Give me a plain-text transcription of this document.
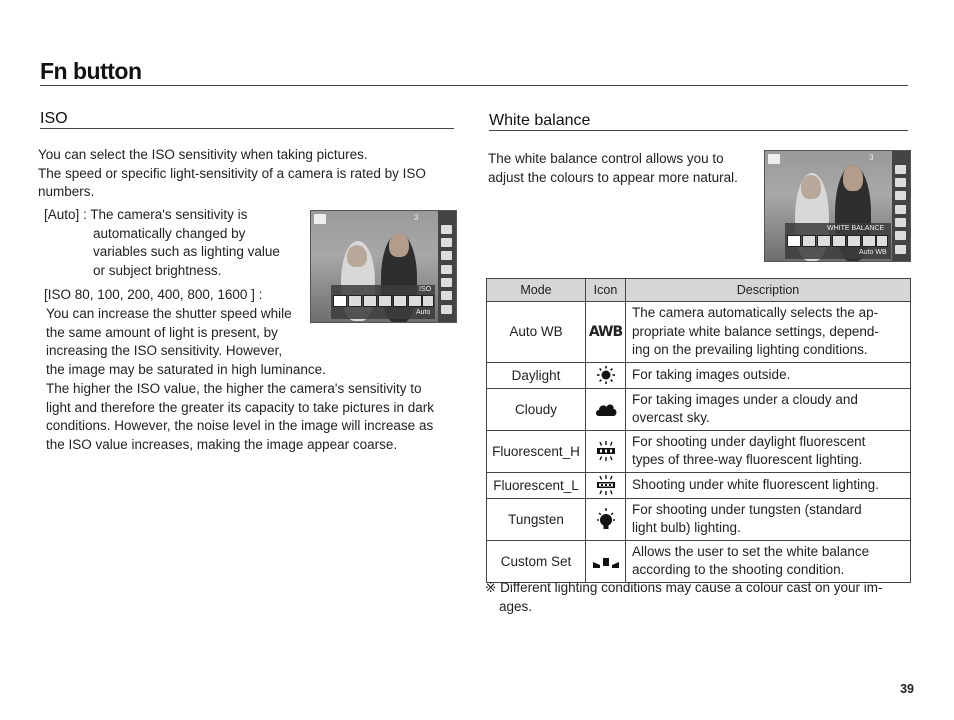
Fn button
ISO
You can select the ISO sensitivity when taking pictures.
The speed or specific light-sensitivity of a camera is rated by ISO
numbers.
[Auto] : The camera's sensitivity is
automatically changed by
variables such as lighting value
or subject brightness.
[ISO 80, 100, 200, 400, 800, 1600 ] :
You can increase the shutter speed while
the same amount of light is present, by
increasing the ISO sensitivity. However,
the image may be saturated in high luminance.
The higher the ISO value, the higher the camera's sensitivity to
light and therefore the greater its capacity to take pictures in dark
conditions. However, the noise level in the image will increase as
the ISO value increases, making the image appear coarse.
3
ISO
Auto
White balance
The white balance control allows you to
adjust the colours to appear more natural.
3
WHITE BALANCE
Auto WB
Mode	Icon	Description
Auto WB	AWB	The camera automatically selects the ap-
propriate white balance settings, depend-
ing on the prevailing lighting conditions.

Daylight		For taking images outside.

Cloudy		For taking images under a cloudy and
overcast sky.

Fluorescent_H		For shooting under daylight fluorescent
types of three-way fluorescent lighting.

Fluorescent_L		Shooting under white fluorescent lighting.

Tungsten		For shooting under tungsten (standard
light bulb) lighting.

Custom Set		Allows the user to set the white balance
according to the shooting condition.
※ Different lighting conditions may cause a colour cast on your im-
ages.
39
